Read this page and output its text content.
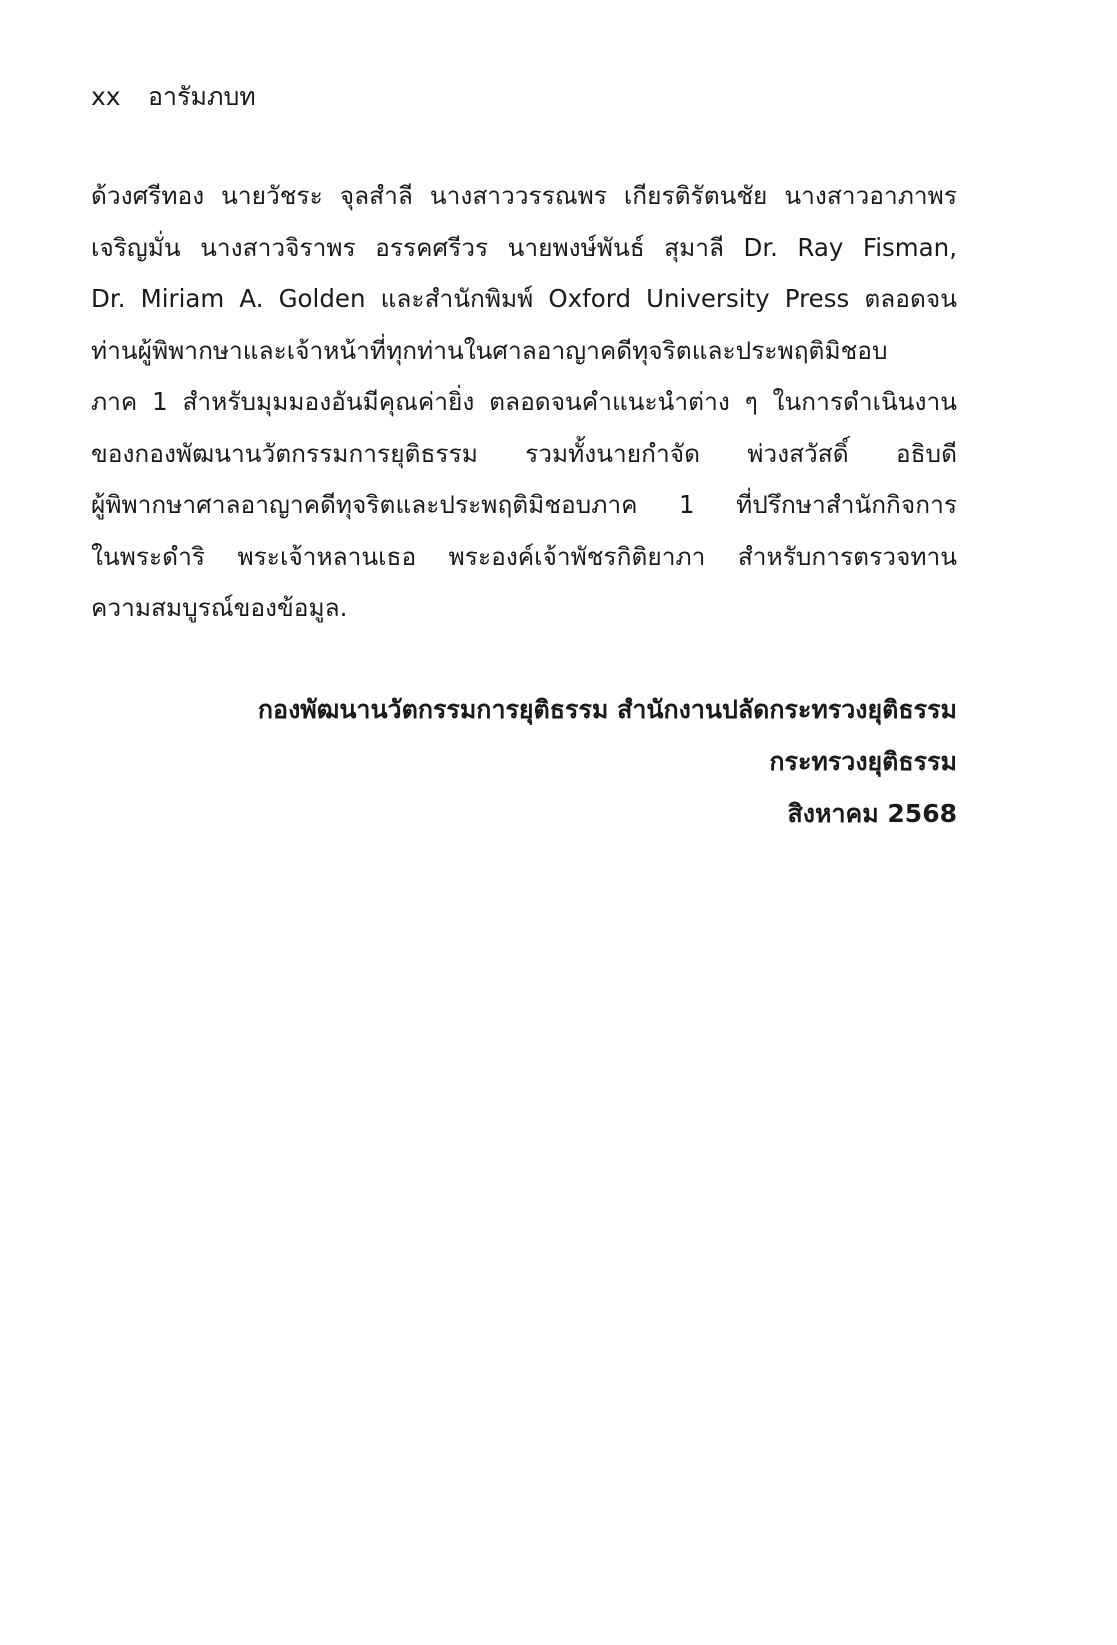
xx อารัมภบท
ด้วงศรีทอง นายวัชระ จุลสำลี นางสาววรรณพร เกียรติรัตนชัย นางสาวอาภาพร
เจริญมั่น นางสาวจิราพร อรรคศรีวร นายพงษ์พันธ์ สุมาลี Dr. Ray Fisman,
Dr. Miriam A. Golden และสำนักพิมพ์ Oxford University Press ตลอดจน
ท่านผู้พิพากษาและเจ้าหน้าที่ทุกท่านในศาลอาญาคดีทุจริตและประพฤติมิชอบ
ภาค 1 สำหรับมุมมองอันมีคุณค่ายิ่ง ตลอดจนคำแนะนำต่าง ๆ ในการดำเนินงาน
ของกองพัฒนานวัตกรรมการยุติธรรม รวมทั้งนายกำจัด พ่วงสวัสดิ์ อธิบดี
ผู้พิพากษาศาลอาญาคดีทุจริตและประพฤติมิชอบภาค 1 ที่ปรึกษาสำนักกิจการ
ในพระดำริ พระเจ้าหลานเธอ พระองค์เจ้าพัชรกิติยาภา สำหรับการตรวจทาน
ความสมบูรณ์ของข้อมูล.
กองพัฒนานวัตกรรมการยุติธรรม สำนักงานปลัดกระทรวงยุติธรรม
กระทรวงยุติธรรม
สิงหาคม 2568
